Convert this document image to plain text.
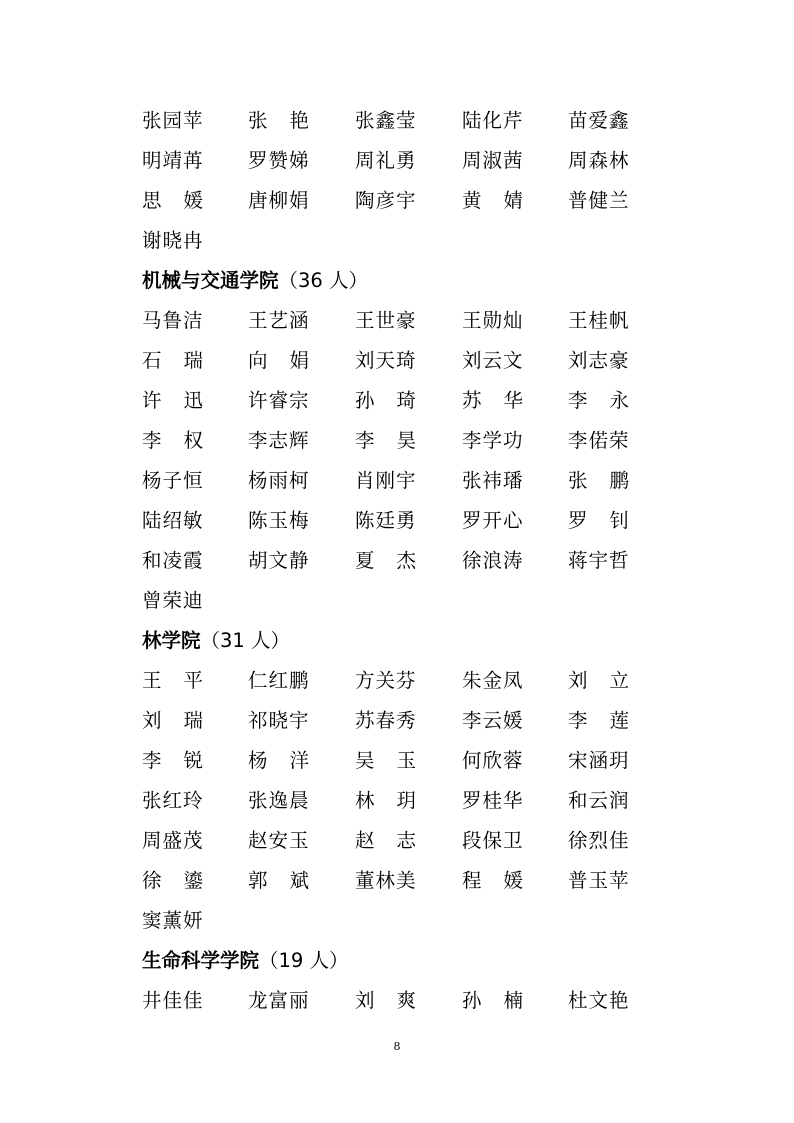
张园苹 张 艳 张鑫莹 陆化芹 苗爱鑫
明靖苒 罗赞娣 周礼勇 周淑茜 周森林
思 媛 唐柳娟 陶彦宇 黄 婧 普健兰
谢晓冉
机械与交通学院（36 人）
马鲁洁 王艺涵 王世豪 王勋灿 王桂帆
石 瑞 向 娟 刘天琦 刘云文 刘志豪
许 迅 许睿宗 孙 琦 苏 华 李 永
李 权 李志辉 李 昊 李学功 李偌荣
杨子恒 杨雨柯 肖刚宇 张祎璠 张 鹏
陆绍敏 陈玉梅 陈廷勇 罗开心 罗 钊
和凌霞 胡文静 夏 杰 徐浪涛 蒋宇哲
曾荣迪
林学院（31 人）
王 平 仁红鹏 方关芬 朱金凤 刘 立
刘 瑞 祁晓宇 苏春秀 李云媛 李 莲
李 锐 杨 洋 吴 玉 何欣蓉 宋涵玥
张红玲 张逸晨 林 玥 罗桂华 和云润
周盛茂 赵安玉 赵 志 段保卫 徐烈佳
徐 鎏 郭 斌 董林美 程 媛 普玉苹
窦薰妍
生命科学学院（19 人）
井佳佳 龙富丽 刘 爽 孙 楠 杜文艳
8
